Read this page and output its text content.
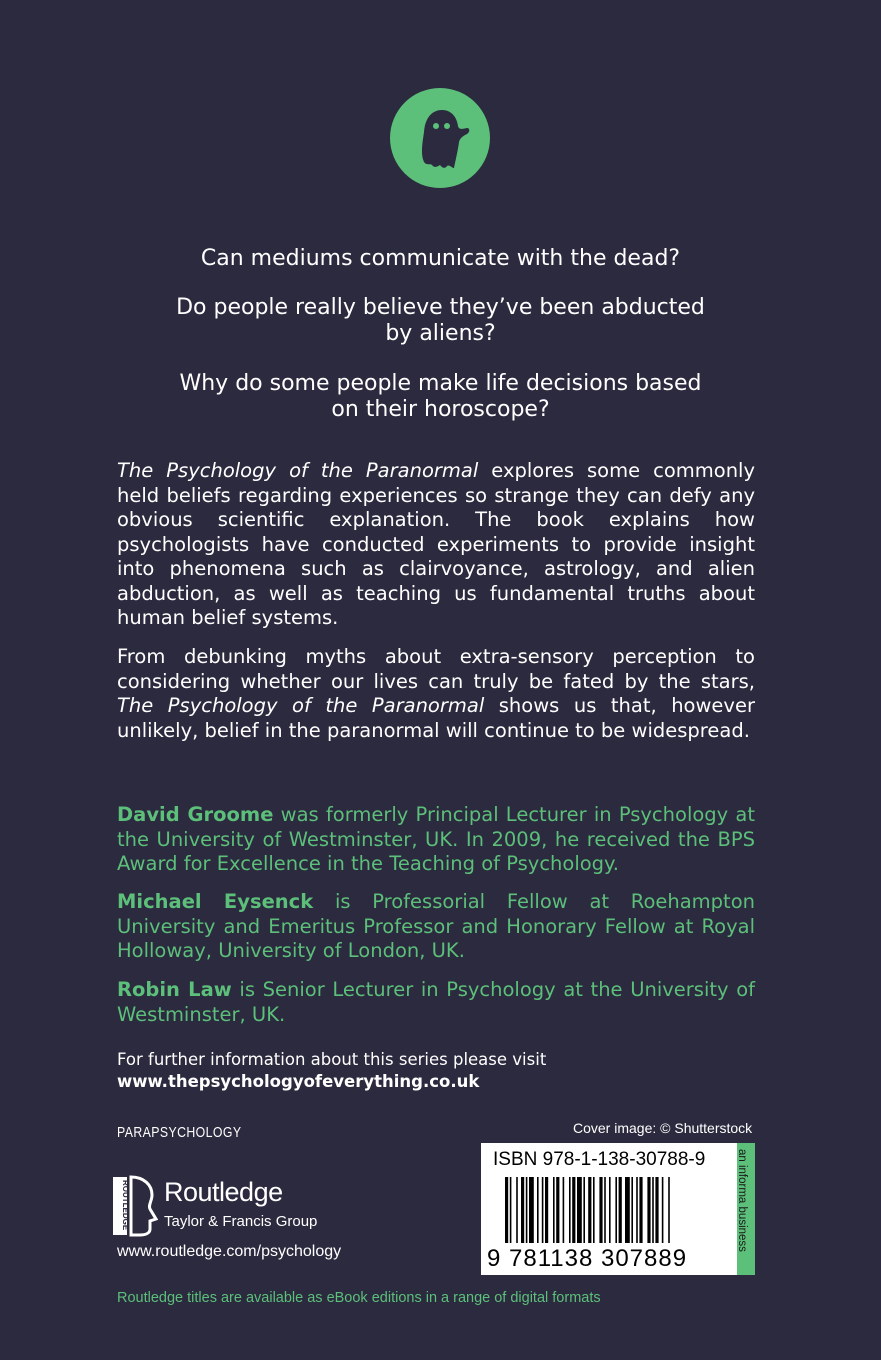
Can mediums communicate with the dead?
Do people really believe they’ve been abducted
by aliens?
Why do some people make life decisions based
on their horoscope?
The Psychology of the Paranormal explores some commonly held beliefs regarding experiences so strange they can defy any obvious scientific explanation. The book explains how psychologists have conducted experiments to provide insight into phenomena such as clairvoyance, astrology, and alien abduction, as well as teaching us fundamental truths about human belief systems.
From debunking myths about extra-sensory perception to considering whether our lives can truly be fated by the stars, The Psychology of the Paranormal shows us that, however unlikely, belief in the paranormal will continue to be widespread.
David Groome was formerly Principal Lecturer in Psychology at the University of Westminster, UK. In 2009, he received the BPS Award for Excellence in the Teaching of Psychology.
Michael Eysenck is Professorial Fellow at Roehampton University and Emeritus Professor and Honorary Fellow at Royal Holloway, University of London, UK.
Robin Law is Senior Lecturer in Psychology at the University of Westminster, UK.
For further information about this series please visit
www.thepsychologyofeverything.co.uk
PARAPSYCHOLOGY	Cover image: © Shutterstock
ROUTLEDGE Routledge
Taylor & Francis Group
www.routledge.com/psychology
Routledge titles are available as eBook editions in a range of digital formats
ISBN 978-1-138-30788-9
9 781138 307889
an informa business
